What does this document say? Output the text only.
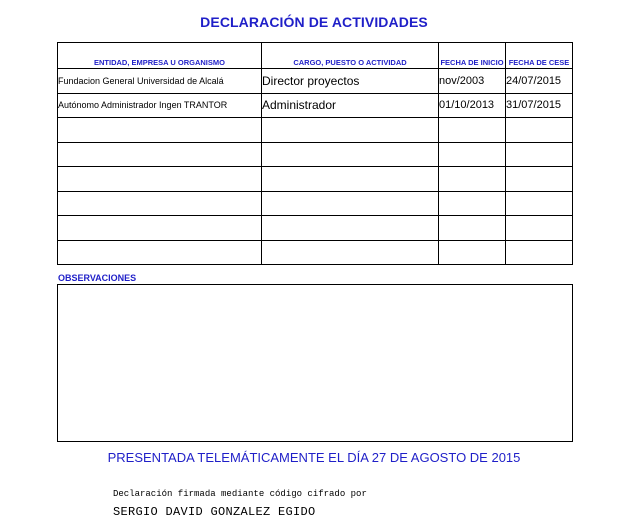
DECLARACIÓN DE ACTIVIDADES
ENTIDAD, EMPRESA U ORGANISMO	CARGO, PUESTO O ACTIVIDAD	FECHA DE INICIO	FECHA DE CESE
Fundacion General Universidad de Alcalá	Director proyectos	nov/2003	24/07/2015
Autónomo Administrador Ingen TRANTOR	Administrador	01/10/2013	31/07/2015

OBSERVACIONES
PRESENTADA TELEMÁTICAMENTE EL DÍA 27 DE AGOSTO DE 2015
Declaración firmada mediante código cifrado por
SERGIO DAVID GONZALEZ EGIDO
